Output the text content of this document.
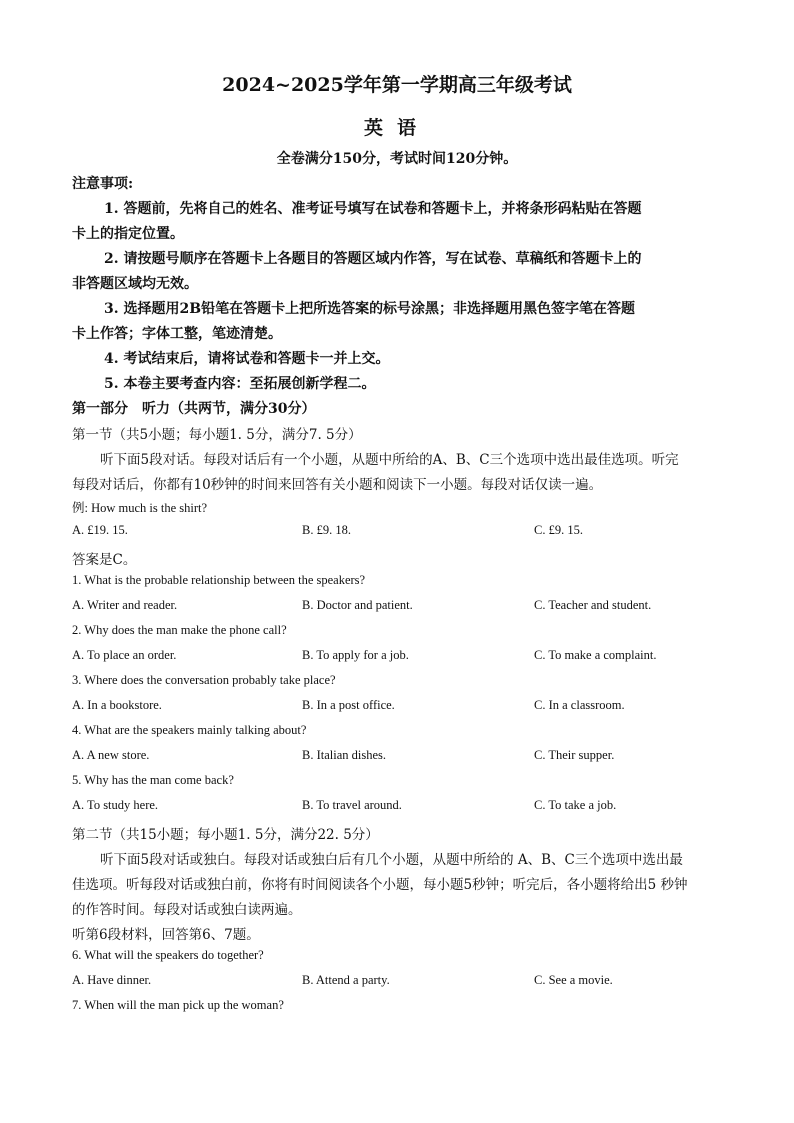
2024~2025学年第一学期高三年级考试
英语
全卷满分150分，考试时间120分钟。
注意事项:
1. 答题前，先将自己的姓名、准考证号填写在试卷和答题卡上，并将条形码粘贴在答题
卡上的指定位置。
2. 请按题号顺序在答题卡上各题目的答题区域内作答，写在试卷、草稿纸和答题卡上的
非答题区域均无效。
3. 选择题用2B铅笔在答题卡上把所选答案的标号涂黑；非选择题用黑色签字笔在答题
卡上作答；字体工整，笔迹清楚。
4. 考试结束后，请将试卷和答题卡一并上交。
5. 本卷主要考查内容：至拓展创新学程二。
第一部分　听力（共两节，满分30分）
第一节（共5小题；每小题1. 5分，满分7. 5分）
听下面5段对话。每段对话后有一个小题，从题中所给的A、B、C三个选项中选出最佳选项。听完
每段对话后，你都有10秒钟的时间来回答有关小题和阅读下一小题。每段对话仅读一遍。
例: How much is the shirt?
A. £19. 15.	B. £9. 18.	C. £9. 15.
答案是C。
1. What is the probable relationship between the speakers?
A. Writer and reader.	B. Doctor and patient.	C. Teacher and student.
2. Why does the man make the phone call?
A. To place an order.	B. To apply for a job.	C. To make a complaint.
3. Where does the conversation probably take place?
A. In a bookstore.	B. In a post office.	C. In a classroom.
4. What are the speakers mainly talking about?
A. A new store.	B. Italian dishes.	C. Their supper.
5. Why has the man come back?
A. To study here.	B. To travel around.	C. To take a job.
第二节（共15小题；每小题1. 5分，满分22. 5分）
听下面5段对话或独白。每段对话或独白后有几个小题，从题中所给的 A、B、C三个选项中选出最
佳选项。听每段对话或独白前，你将有时间阅读各个小题，每小题5秒钟；听完后，各小题将给出5 秒钟
的作答时间。每段对话或独白读两遍。
听第6段材料，回答第6、7题。
6. What will the speakers do together?
A. Have dinner.	B. Attend a party.	C. See a movie.
7. When will the man pick up the woman?
